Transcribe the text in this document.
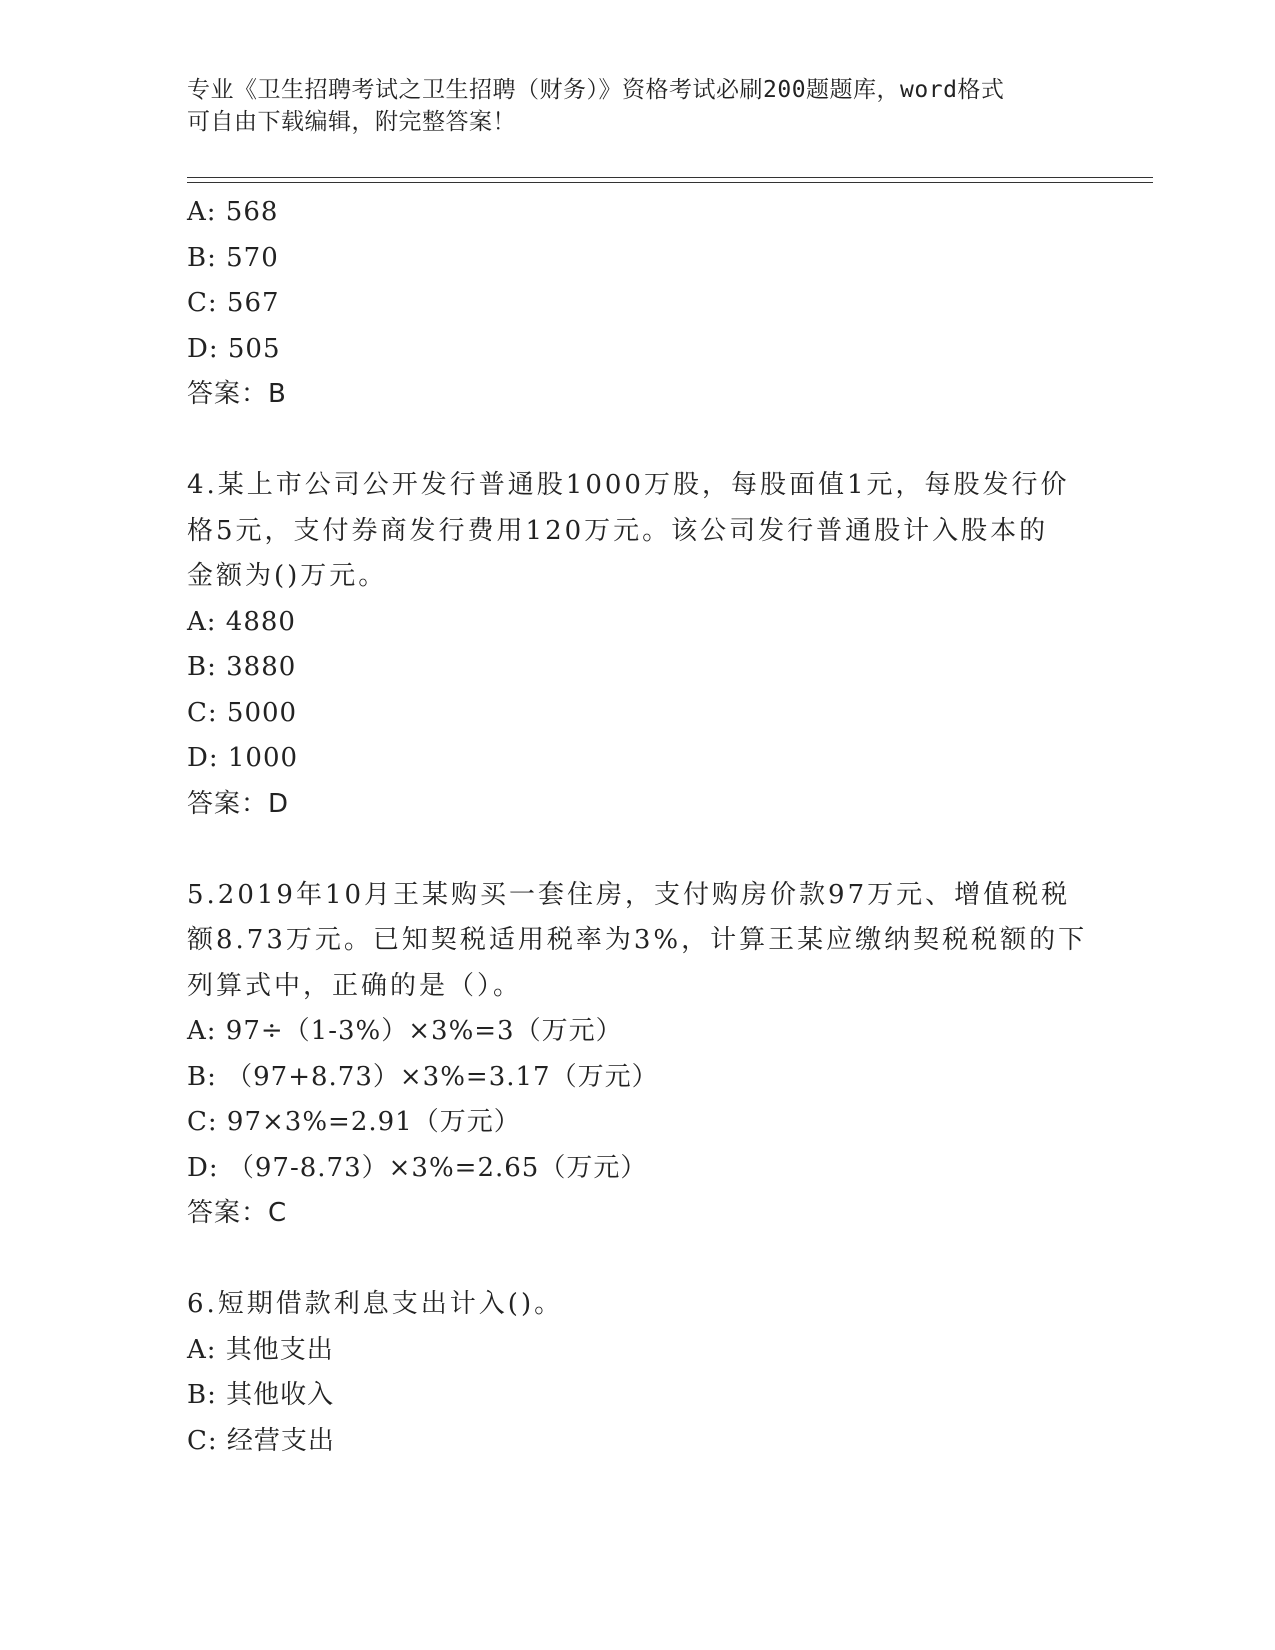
专业《卫生招聘考试之卫生招聘（财务）》资格考试必刷200题题库，word格式
可自由下载编辑，附完整答案！
A: 568
B: 570
C: 567
D: 505
答案：B
4.某上市公司公开发行普通股1000万股，每股面值1元，每股发行价
格5元，支付券商发行费用120万元。该公司发行普通股计入股本的
金额为()万元。
A: 4880
B: 3880
C: 5000
D: 1000
答案：D
5.2019年10月王某购买一套住房，支付购房价款97万元、增值税税
额8.73万元。已知契税适用税率为3%，计算王某应缴纳契税税额的下
列算式中，正确的是（）。
A: 97÷（1-3%）×3%=3（万元）
B: （97+8.73）×3%=3.17（万元）
C: 97×3%=2.91（万元）
D: （97-8.73）×3%=2.65（万元）
答案：C
6.短期借款利息支出计入()。
A: 其他支出
B: 其他收入
C: 经营支出
